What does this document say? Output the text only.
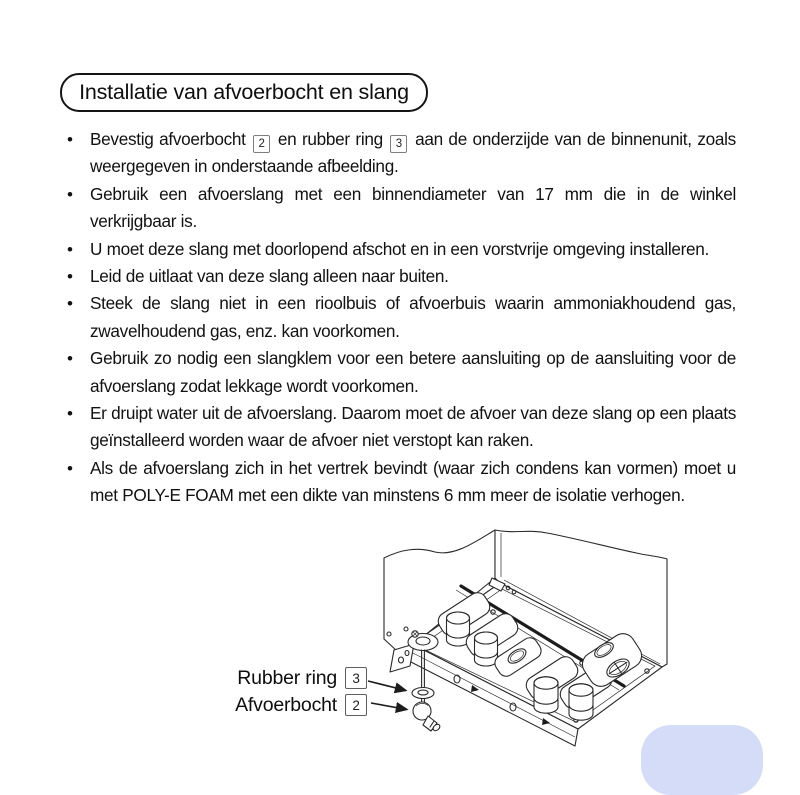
Installatie van afvoerbocht en slang
• Bevestig afvoerbocht 2 en rubber ring 3 aan de onderzijde van de binnenunit, zoals weergegeven in onderstaande afbeelding.
• Gebruik een afvoerslang met een binnendiameter van 17 mm die in de winkel verkrijgbaar is.
• U moet deze slang met doorlopend afschot en in een vorstvrije omgeving installeren.
• Leid de uitlaat van deze slang alleen naar buiten.
• Steek de slang niet in een rioolbuis of afvoerbuis waarin ammoniakhoudend gas, zwavelhoudend gas, enz. kan voorkomen.
• Gebruik zo nodig een slangklem voor een betere aansluiting op de aansluiting voor de afvoerslang zodat lekkage wordt voorkomen.
• Er druipt water uit de afvoerslang. Daarom moet de afvoer van deze slang op een plaats geïnstalleerd worden waar de afvoer niet verstopt kan raken.
• Als de afvoerslang zich in het vertrek bevindt (waar zich condens kan vormen) moet u met POLY-E FOAM met een dikte van minstens 6 mm meer de isolatie verhogen.
Rubber ring	3
Afvoerbocht	2
